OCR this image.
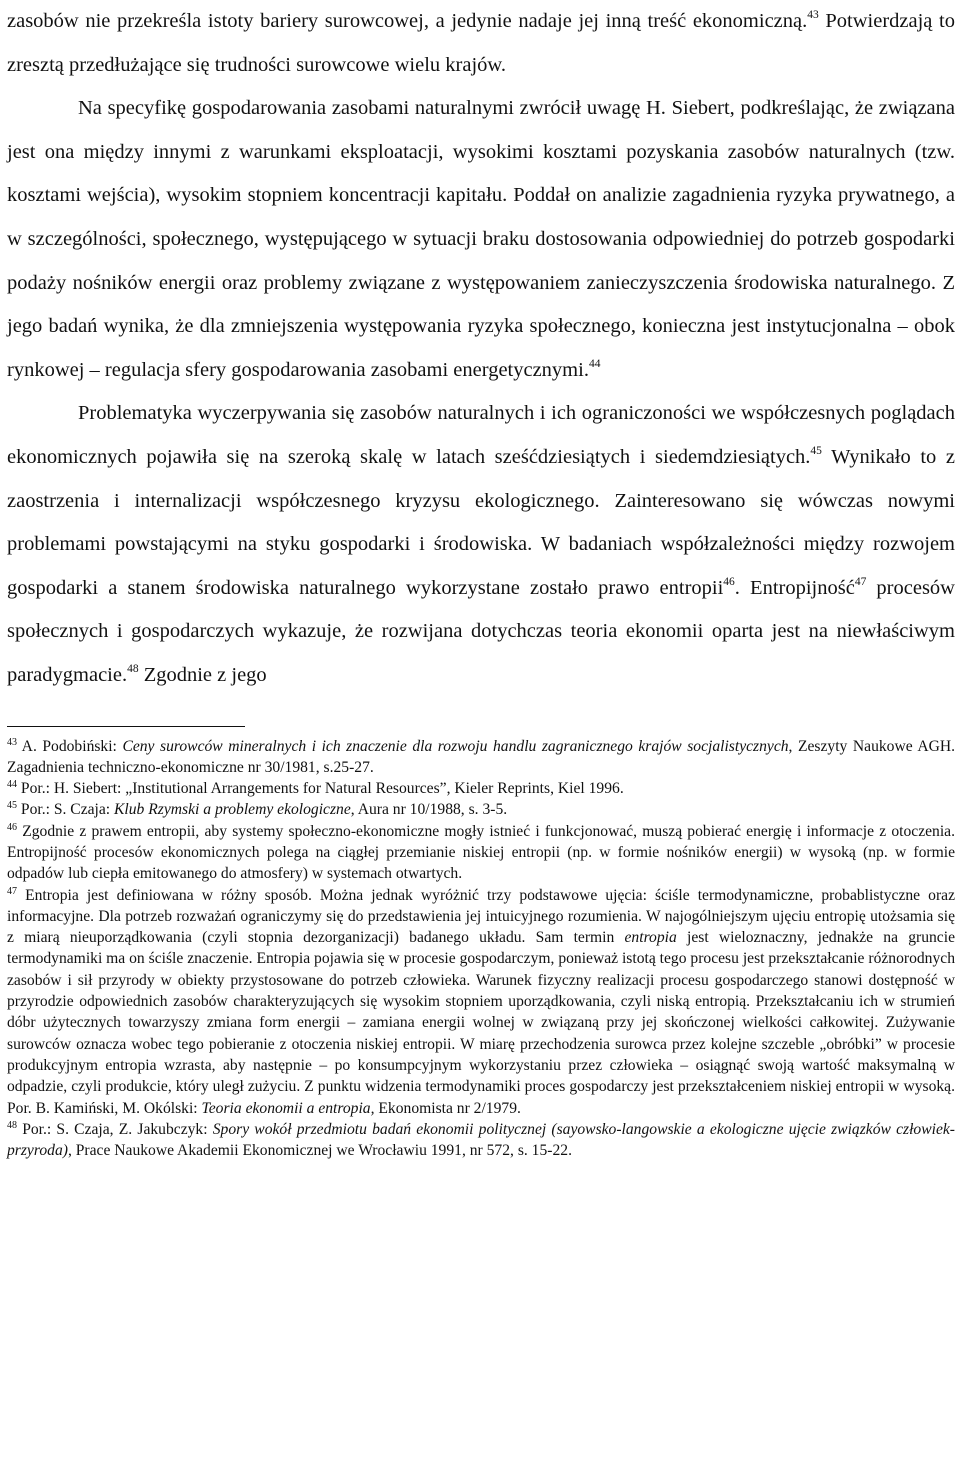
zasobów nie przekreśla istoty bariery surowcowej, a jedynie nadaje jej inną treść ekonomiczną.$^{43}$ Potwierdzają to zresztą przedłużające się trudności surowcowe wielu krajów.

Na specyfikę gospodarowania zasobami naturalnymi zwrócił uwagę H. Siebert, podkreślając, że związana jest ona między innymi z warunkami eksploatacji, wysokimi kosztami pozyskania zasobów naturalnych (tzw. kosztami wejścia), wysokim stopniem koncentracji kapitału. Poddał on analizie zagadnienia ryzyka prywatnego, a w szczególności, społecznego, występującego w sytuacji braku dostosowania odpowiedniej do potrzeb gospodarki podaży nośników energii oraz problemy związane z występowaniem zanieczyszczenia środowiska naturalnego. Z jego badań wynika, że dla zmniejszenia występowania ryzyka społecznego, konieczna jest instytucjonalna – obok rynkowej – regulacja sfery gospodarowania zasobami energetycznymi.$^{44}$

Problematyka wyczerpywania się zasobów naturalnych i ich ograniczoności we współczesnych poglądach ekonomicznych pojawiła się na szeroką skalę w latach sześćdziesiątych i siedemdziesiątych.$^{45}$ Wynikało to z zaostrzenia i internalizacji współczesnego kryzysu ekologicznego. Zainteresowano się wówczas nowymi problemami powstającymi na styku gospodarki i środowiska. W badaniach współzależności między rozwojem gospodarki a stanem środowiska naturalnego wykorzystane zostało prawo entropii$^{46}$. Entropijność$^{47}$ procesów społecznych i gospodarczych wykazuje, że rozwijana dotychczas teoria ekonomii oparta jest na niewłaściwym paradygmacie.$^{48}$ Zgodnie z jego

$^{43}$ A. Podobiński: Ceny surowców mineralnych i ich znaczenie dla rozwoju handlu zagranicznego krajów socjalistycznych, Zeszyty Naukowe AGH. Zagadnienia techniczno-ekonomiczne nr 30/1981, s.25-27.

$^{44}$ Por.: H. Siebert: „Institutional Arrangements for Natural Resources”, Kieler Reprints, Kiel 1996.

$^{45}$ Por.: S. Czaja: Klub Rzymski a problemy ekologiczne, Aura nr 10/1988, s. 3-5.

$^{46}$ Zgodnie z prawem entropii, aby systemy społeczno-ekonomiczne mogły istnieć i funkcjonować, muszą pobierać energię i informacje z otoczenia. Entropijność procesów ekonomicznych polega na ciągłej przemianie niskiej entropii (np. w formie nośników energii) w wysoką (np. w formie odpadów lub ciepła emitowanego do atmosfery) w systemach otwartych.

$^{47}$ Entropia jest definiowana w różny sposób. Można jednak wyróżnić trzy podstawowe ujęcia: ściśle termodynamiczne, probablistyczne oraz informacyjne. Dla potrzeb rozważań ograniczymy się do przedstawienia jej intuicyjnego rozumienia. W najogólniejszym ujęciu entropię utożsamia się z miarą nieuporządkowania (czyli stopnia dezorganizacji) badanego układu. Sam termin entropia jest wieloznaczny, jednakże na gruncie termodynamiki ma on ściśle znaczenie. Entropia pojawia się w procesie gospodarczym, ponieważ istotą tego procesu jest przekształcanie różnorodnych zasobów i sił przyrody w obiekty przystosowane do potrzeb człowieka. Warunek fizyczny realizacji procesu gospodarczego stanowi dostępność w przyrodzie odpowiednich zasobów charakteryzujących się wysokim stopniem uporządkowania, czyli niską entropią. Przekształcaniu ich w strumień dóbr użytecznych towarzyszy zmiana form energii – zamiana energii wolnej w związaną przy jej skończonej wielkości całkowitej. Zużywanie surowców oznacza wobec tego pobieranie z otoczenia niskiej entropii. W miarę przechodzenia surowca przez kolejne szczeble „obróbki” w procesie produkcyjnym entropia wzrasta, aby następnie – po konsumpcyjnym wykorzystaniu przez człowieka – osiągnąć swoją wartość maksymalną w odpadzie, czyli produkcie, który uległ zużyciu. Z punktu widzenia termodynamiki proces gospodarczy jest przekształceniem niskiej entropii w wysoką. Por. B. Kamiński, M. Okólski: Teoria ekonomii a entropia, Ekonomista nr 2/1979.

$^{48}$ Por.: S. Czaja, Z. Jakubczyk: Spory wokół przedmiotu badań ekonomii politycznej (sayowsko-langowskie a ekologiczne ujęcie związków człowiek-przyroda), Prace Naukowe Akademii Ekonomicznej we Wrocławiu 1991, nr 572, s. 15-22.
